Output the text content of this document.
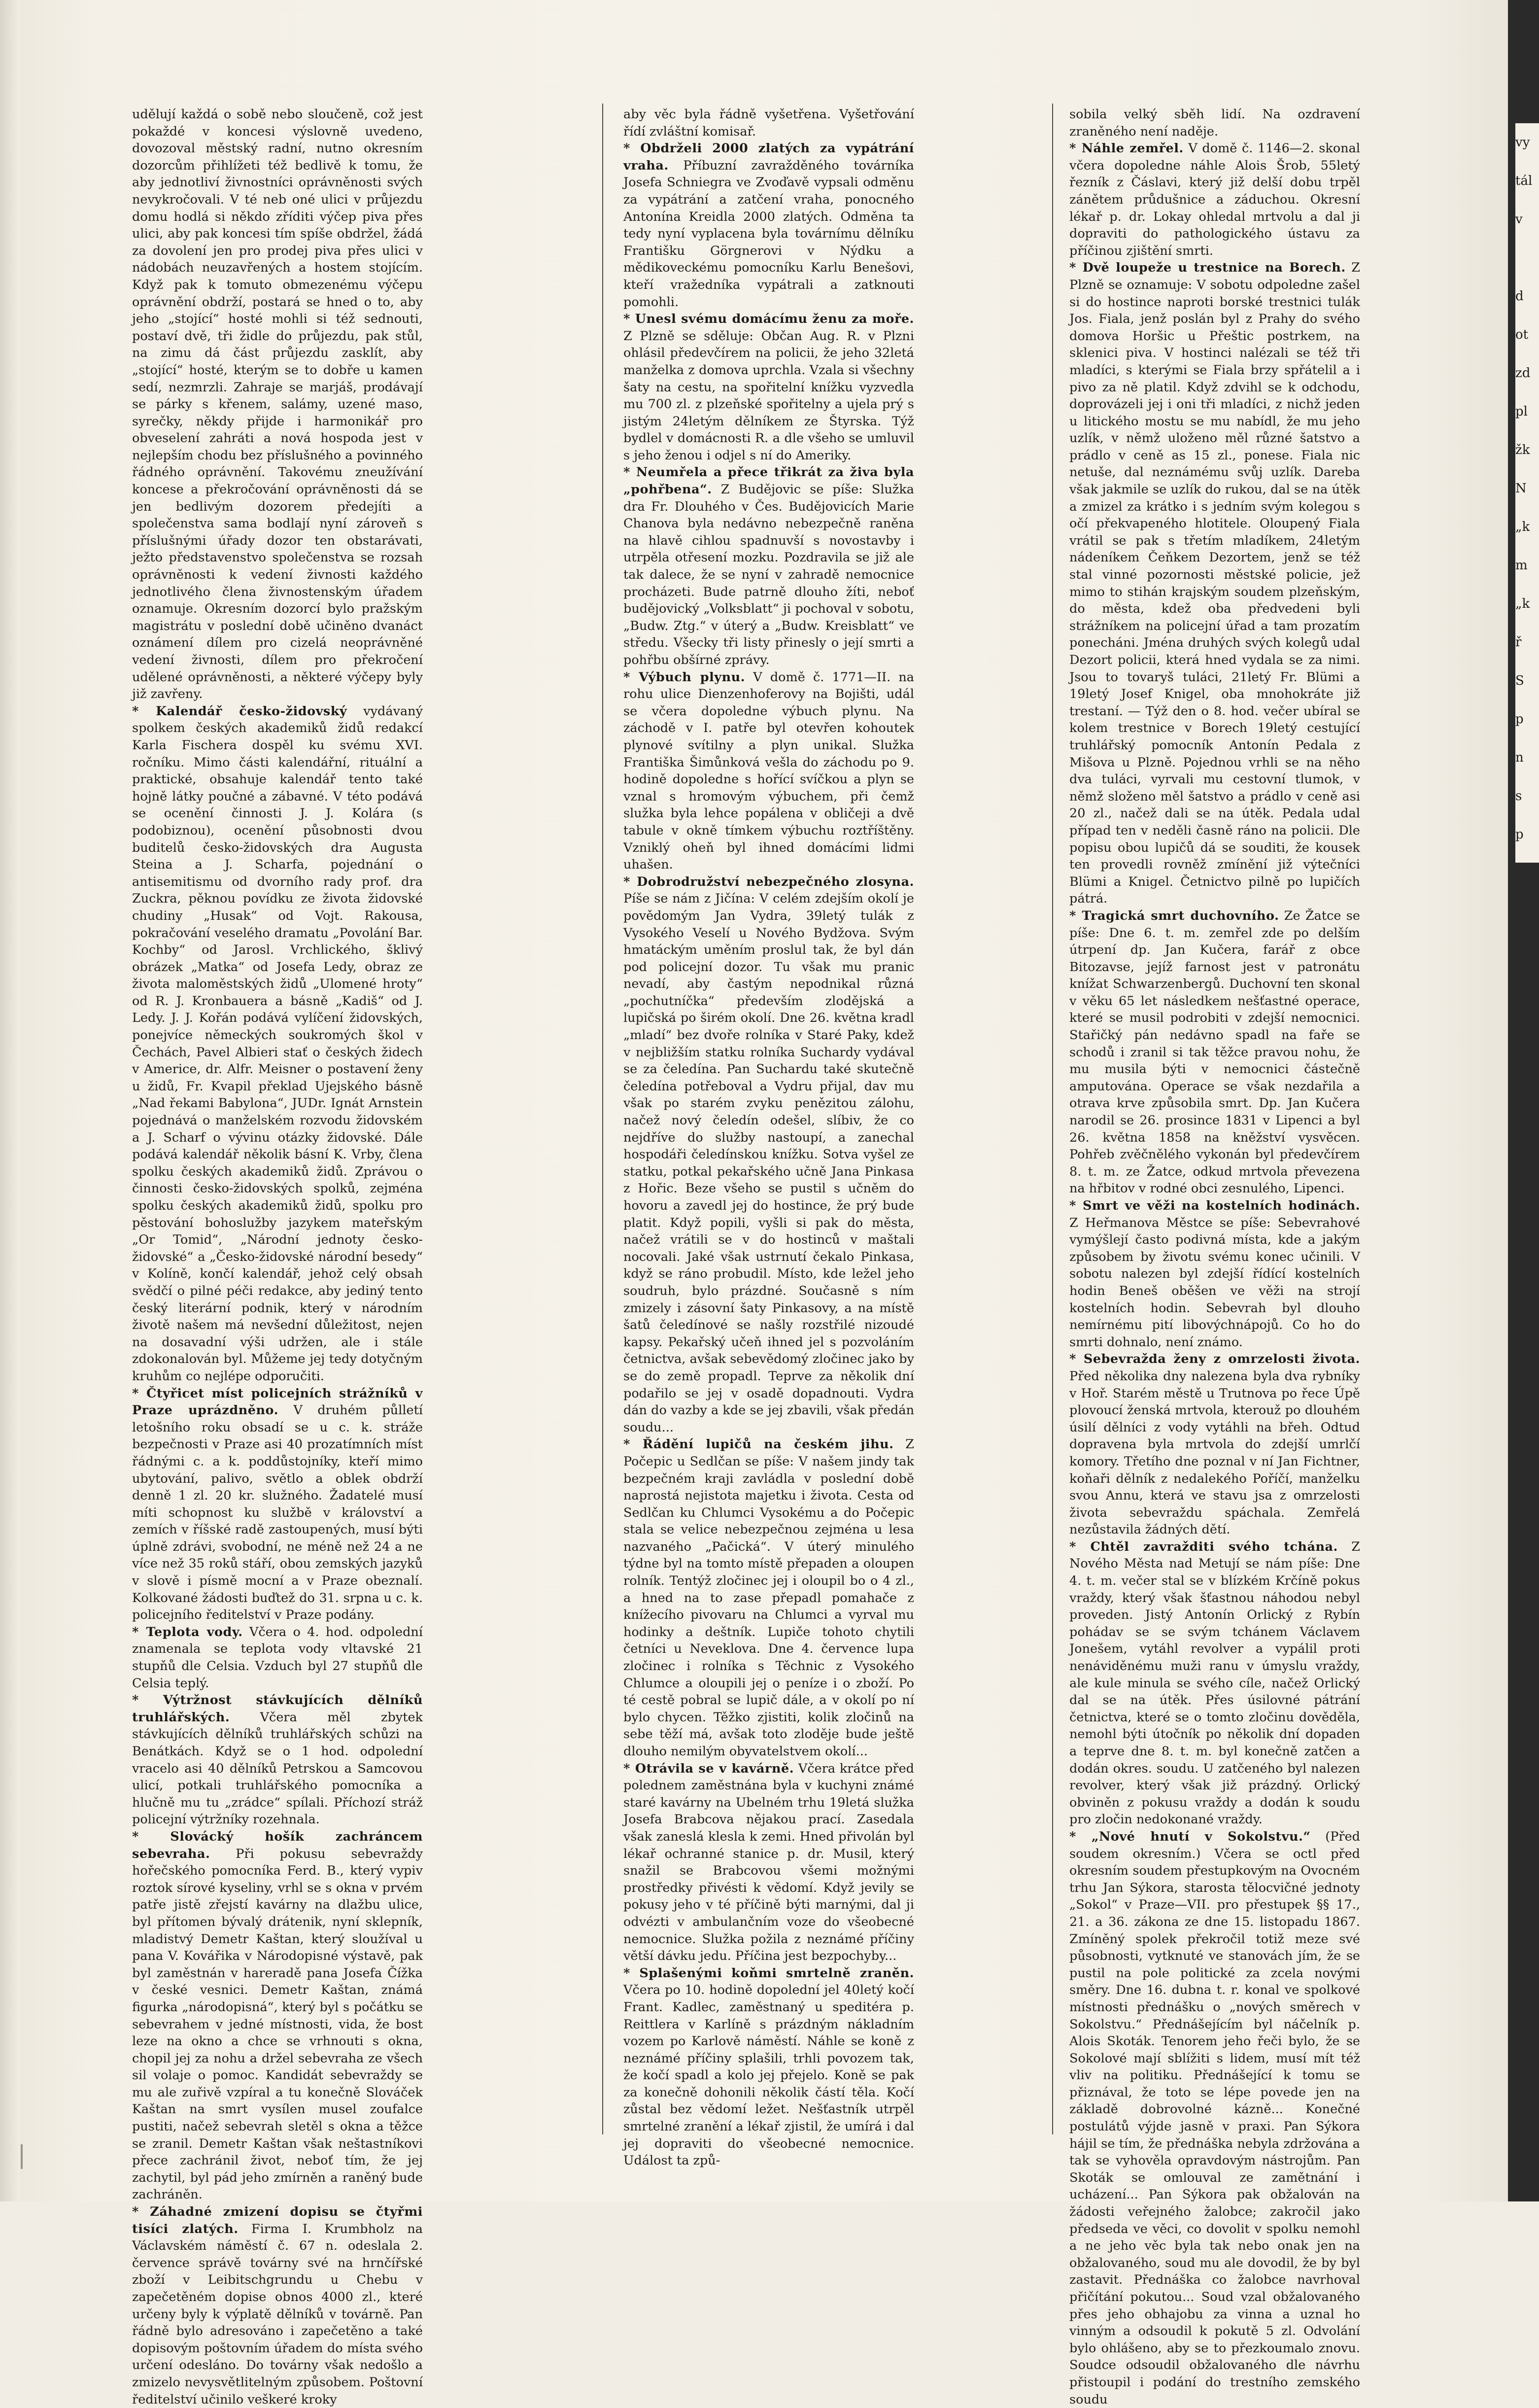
udělují každá o sobě nebo sloučeně, což jest pokaždé v koncesi výslovně uvedeno, dovozoval městský radní, nutno okresním dozorcům přihlížeti též bedlivě k tomu, že aby jednotliví živnostníci oprávněnosti svých nevykročovali. V té neb oné ulici v průjezdu domu hodlá si někdo zříditi výčep piva přes ulici, aby pak koncesi tím spíše obdržel, žádá za dovolení jen pro prodej piva přes ulici v nádobách neuzavřených a hostem stojícím. Když pak k tomuto obmezenému výčepu oprávnění obdrží, postará se hned o to, aby jeho „stojící“ hosté mohli si též sednouti, postaví dvě, tři židle do průjezdu, pak stůl, na zimu dá část průjezdu zasklít, aby „stojící“ hosté, kterým se to dobře u kamen sedí, nezmrzli. Zahraje se marjáš, prodávají se párky s křenem, salámy, uzené maso, syrečky, někdy přijde i harmonikář pro obveselení zahráti a nová hospoda jest v nejlepším chodu bez příslušného a povinného řádného oprávnění. Takovému zneužívání koncese a překročování oprávněnosti dá se jen bedlivým dozorem předejíti a společenstva sama bodlají nyní zároveň s příslušnými úřady dozor ten obstarávati, ježto představenstvo společenstva se rozsah oprávněnosti k vedení živnosti každého jednotlivého člena živnostenským úřadem oznamuje. Okresním dozorcí bylo pražským magistrátu v poslední době učiněno dvanáct oznámení dílem pro cizelá neoprávněné vedení živnosti, dílem pro překročení udělené oprávněnosti, a některé výčepy byly již zavřeny.

* Kalendář česko-židovský vydávaný spolkem českých akademiků židů redakcí Karla Fischera dospěl ku svému XVI. ročníku. Mimo části kalendářní, rituální a praktické, obsahuje kalendář tento také hojně látky poučné a zábavné. V této podává se ocenění činnosti J. J. Kolára (s podobiznou), ocenění působnosti dvou buditelů česko-židovských dra Augusta Steina a J. Scharfa, pojednání o antisemitismu od dvorního rady prof. dra Zuckra, pěknou povídku ze života židovské chudiny „Husak“ od Vojt. Rakousa, pokračování veselého dramatu „Povolání Bar. Kochby“ od Jarosl. Vrchlického, šklivý obrázek „Matka“ od Josefa Ledy, obraz ze života maloměstských židů „Ulomené hroty“ od R. J. Kronbauera a básně „Kadiš“ od J. Ledy. J. J. Kořán podává vylíčení židovských, ponejvíce německých soukromých škol v Čechách, Pavel Albieri stať o českých židech v Americe, dr. Alfr. Meisner o postavení ženy u židů, Fr. Kvapil překlad Ujejského básně „Nad řekami Babylona“, JUDr. Ignát Arnstein pojednává o manželském rozvodu židovském a J. Scharf o vývinu otázky židovské. Dále podává kalendář několik básní K. Vrby, člena spolku českých akademiků židů. Zprávou o činnosti česko-židovských spolků, zejména spolku českých akademiků židů, spolku pro pěstování bohoslužby jazykem mateřským „Or Tomid“, „Národní jednoty česko-židovské“ a „Česko-židovské národní besedy“ v Kolíně, končí kalendář, jehož celý obsah svědčí o pilné péči redakce, aby jediný tento český literární podnik, který v národním životě našem má nevšední důležitost, nejen na dosavadní výši udržen, ale i stále zdokonalován byl. Můžeme jej tedy dotyčným kruhům co nejlépe odporučiti.

* Čtyřicet míst policejních strážníků v Praze uprázdněno. V druhém půlletí letošního roku obsadí se u c. k. stráže bezpečnosti v Praze asi 40 prozatímních míst řádnými c. a k. poddůstojníky, kteří mimo ubytování, palivo, světlo a oblek obdrží denně 1 zl. 20 kr. služného. Žadatelé musí míti schopnost ku službě v království a zemích v říšské radě zastoupených, musí býti úplně zdrávi, svobodní, ne méně než 24 a ne více než 35 roků stáří, obou zemských jazyků v slově i písmě mocní a v Praze obeznalí. Kolkované žádosti buďtež do 31. srpna u c. k. policejního ředitelství v Praze podány.

* Teplota vody. Včera o 4. hod. odpolední znamenala se teplota vody vltavské 21 stupňů dle Celsia. Vzduch byl 27 stupňů dle Celsia teplý.

* Výtržnost stávkujících dělníků truhlářských. Včera měl zbytek stávkujících dělníků truhlářských schůzi na Benátkách. Když se o 1 hod. odpolední vracelo asi 40 dělníků Petrskou a Samcovou ulicí, potkali truhlářského pomocníka a hlučně mu tu „zrádce“ spílali. Příchozí stráž policejní výtržníky rozehnala.

* Slovácký hošík zachráncem sebevraha. Při pokusu sebevraždy hořečského pomocníka Ferd. B., který vypiv roztok sírové kyseliny, vrhl se s okna v prvém patře jistě zřejstí kavárny na dlažbu ulice, byl přítomen bývalý drátenik, nyní sklepník, mladistvý Demetr Kaštan, který sloužíval u pana V. Kovářika v Národopisné výstavě, pak byl zaměstnán v hareradě pana Josefa Čížka v české vesnici. Demetr Kaštan, známá figurka „národopisná“, který byl s počátku se sebevrahem v jedné místnosti, vida, že bost leze na okno a chce se vrhnouti s okna, chopil jej za nohu a držel sebevraha ze všech sil volaje o pomoc. Kandidát sebevraždy se mu ale zuřivě vzpíral a tu konečně Slováček Kaštan na smrt vysílen musel zoufalce pustiti, načež sebevrah sletěl s okna a těžce se zranil. Demetr Kaštan však neštastníkovi přece zachránil život, neboť tím, že jej zachytil, byl pád jeho zmírněn a raněný bude zachráněn.

* Záhadné zmizení dopisu se čtyřmi tisíci zlatých. Firma I. Krumbholz na Václavském náměstí č. 67 n. odeslala 2. července správě továrny své na hrnčířské zboží v Leibitschgrundu u Chebu v zapečetěném dopise obnos 4000 zl., které určeny byly k výplatě dělníků v továrně. Pan řádně bylo adresováno i zapečetěno a také dopisovým poštovním úřadem do místa svého určení odesláno. Do továrny však nedošlo a zmizelo nevysvětlitelným způsobem. Poštovní ředitelství učinilo veškeré kroky

aby věc byla řádně vyšetřena. Vyšetřování řídí zvláštní komisař.

* Obdrželi 2000 zlatých za vypátrání vraha. Příbuzní zavražděného továrníka Josefa Schniegra ve Zvoďavě vypsali odměnu za vypátrání a zatčení vraha, ponocného Antonína Kreidla 2000 zlatých. Odměna ta tedy nyní vyplacena byla továrnímu dělníku Františku Görgnerovi v Nýdku a mědikoveckému pomocníku Karlu Benešovi, kteří vražedníka vypátrali a zatknouti pomohli.

* Unesl svému domácímu ženu za moře. Z Plzně se sděluje: Občan Aug. R. v Plzni ohlásil předevčírem na policii, že jeho 32letá manželka z domova uprchla. Vzala si všechny šaty na cestu, na spořitelní knížku vyzvedla mu 700 zl. z plzeňské spořitelny a ujela prý s jistým 24letým dělníkem ze Štyrska. Týž bydlel v domácnosti R. a dle všeho se umluvil s jeho ženou i odjel s ní do Ameriky.

* Neumřela a přece třikrát za živa byla „pohřbena“. Z Budějovic se píše: Služka dra Fr. Dlouhého v Čes. Budějovicích Marie Chanova byla nedávno nebezpečně raněna na hlavě cihlou spadnuvší s novostavby i utrpěla otřesení mozku. Pozdravila se již ale tak dalece, že se nyní v zahradě nemocnice procházeti. Bude patrně dlouho žíti, neboť budějovický „Volksblatt“ ji pochoval v sobotu, „Budw. Ztg.“ v úterý a „Budw. Kreisblatt“ ve středu. Všecky tři listy přinesly o její smrti a pohřbu obšírné zprávy.

* Výbuch plynu. V domě č. 1771—II. na rohu ulice Dienzenhoferovy na Bojišti, udál se včera dopoledne výbuch plynu. Na záchodě v I. patře byl otevřen kohoutek plynové svítilny a plyn unikal. Služka Františka Šimůnková vešla do záchodu po 9. hodině dopoledne s hořící svíčkou a plyn se vznal s hromovým výbuchem, při čemž služka byla lehce popálena v obličeji a dvě tabule v okně tímkem výbuchu roztříštěny. Vzniklý oheň byl ihned domácími lidmi uhašen.

* Dobrodružství nebezpečného zlosyna. Píše se nám z Jičína: V celém zdejším okolí je povědomým Jan Vydra, 39letý tulák z Vysokého Veselí u Nového Bydžova. Svým hmatáckým uměním proslul tak, že byl dán pod policejní dozor. Tu však mu pranic nevadí, aby častým nepodnikal různá „pochutníčka“ především zlodějská a lupičská po širém okolí. Dne 26. května kradl „mladí“ bez dvoře rolníka v Staré Paky, kdež v nejbližším statku rolníka Suchardy vydával se za čeledína. Pan Suchardu také skutečně čeledína potřeboval a Vydru přijal, dav mu však po starém zvyku penězitou zálohu, načež nový čeledín odešel, slíbiv, že co nejdříve do služby nastoupí, a zanechal hospodáři čeledínskou knížku. Sotva vyšel ze statku, potkal pekařského učně Jana Pinkasa z Hořic. Beze všeho se pustil s učněm do hovoru a zavedl jej do hostince, že prý bude platit. Když popili, vyšli si pak do města, načež vrátili se v do hostinců v maštali nocovali. Jaké však ustrnutí čekalo Pinkasa, když se ráno probudil. Místo, kde ležel jeho soudruh, bylo prázdné. Současně s ním zmizely i zásovní šaty Pinkasovy, a na místě šatů čeledínové se našly rozstřilé nizoudé kapsy. Pekařský učeň ihned jel s pozvoláním četnictva, avšak sebevědomý zločinec jako by se do země propadl. Teprve za několik dní podařilo se jej v osadě dopadnouti. Vydra dán do vazby a kde se jej zbavili, však předán soudu...

* Řádění lupičů na českém jihu. Z Počepic u Sedlčan se píše: V našem jindy tak bezpečném kraji zavládla v poslední době naprostá nejistota majetku i života. Cesta od Sedlčan ku Chlumci Vysokému a do Počepic stala se velice nebezpečnou zejména u lesa nazvaného „Pačická“. V úterý minulého týdne byl na tomto místě přepaden a oloupen rolník. Tentýž zločinec jej i oloupil bo o 4 zl., a hned na to zase přepadl pomahače z knížecího pivovaru na Chlumci a vyrval mu hodinky a deštník. Lupiče tohoto chytili četníci u Neveklova. Dne 4. července lupa zločinec i rolníka s Těchnic z Vysokého Chlumce a oloupili jej o peníze i o zboží. Po té cestě pobral se lupič dále, a v okolí po ní bylo chycen. Těžko zjistiti, kolik zločinů na sebe těží má, avšak toto zloděje bude ještě dlouho nemilým obyvatelstvem okolí...

* Otrávila se v kavárně. Včera krátce před polednem zaměstnána byla v kuchyni známé staré kavárny na Ubelném trhu 19letá služka Josefa Brabcova nějakou prací. Zasedala však zaneslá klesla k zemi. Hned přivolán byl lékař ochranné stanice p. dr. Musil, který snažil se Brabcovou všemi možnými prostředky přivésti k vědomí. Když jevily se pokusy jeho v té příčině býti marnými, dal ji odvézti v ambulančním voze do všeobecné nemocnice. Služka požila z neznámé příčiny větší dávku jedu. Příčina jest bezpochyby...

* Splašenými koňmi smrtelně zraněn. Včera po 10. hodině dopolední jel 40letý kočí Frant. Kadlec, zaměstnaný u speditéra p. Reittlera v Karlíně s prázdným nákladním vozem po Karlově náměstí. Náhle se koně z neznámé příčiny splašili, trhli povozem tak, že kočí spadl a kolo jej přejelo. Koně se pak za konečně dohonili několik částí těla. Kočí zůstal bez vědomí ležet. Nešťastník utrpěl smrtelné zranění a lékař zjistil, že umírá i dal jej dopraviti do všeobecné nemocnice. Událost ta způ-

sobila velký sběh lidí. Na ozdravení zraněného není naděje.

* Náhle zemřel. V domě č. 1146—2. skonal včera dopoledne náhle Alois Šrob, 55letý řezník z Čáslavi, který již delší dobu trpěl zánětem průdušnice a záduchou. Okresní lékař p. dr. Lokay ohledal mrtvolu a dal ji dopraviti do pathologického ústavu za příčinou zjištění smrti.

* Dvě loupeže u trestnice na Borech. Z Plzně se oznamuje: V sobotu odpoledne zašel si do hostince naproti borské trestnici tulák Jos. Fiala, jenž poslán byl z Prahy do svého domova Horšic u Přeštic postrkem, na sklenici piva. V hostinci nalézali se též tři mladíci, s kterými se Fiala brzy spřátelil a i pivo za ně platil. Když zdvihl se k odchodu, doprovázeli jej i oni tři mladíci, z nichž jeden u litického mostu se mu nabídl, že mu jeho uzlík, v němž uloženo měl různé šatstvo a prádlo v ceně as 15 zl., ponese. Fiala nic netuše, dal neznámému svůj uzlík. Dareba však jakmile se uzlík do rukou, dal se na útěk a zmizel za krátko i s jedním svým kolegou s očí překvapeného hlotitele. Oloupený Fiala vrátil se pak s třetím mladíkem, 24letým nádeníkem Čeňkem Dezortem, jenž se též stal vinné pozornosti městské policie, jež mimo to stihán krajským soudem plzeňským, do města, kdež oba předvedeni byli strážníkem na policejní úřad a tam prozatím ponecháni. Jména druhých svých kolegů udal Dezort policii, která hned vydala se za nimi. Jsou to tovaryš tuláci, 21letý Fr. Blümi a 19letý Josef Knigel, oba mnohokráte již trestaní. — Týž den o 8. hod. večer ubíral se kolem trestnice v Borech 19letý cestující truhlářský pomocník Antonín Pedala z Mišova u Plzně. Pojednou vrhli se na něho dva tuláci, vyrvali mu cestovní tlumok, v němž složeno měl šatstvo a prádlo v ceně asi 20 zl., načež dali se na útěk. Pedala udal případ ten v neděli časně ráno na policii. Dle popisu obou lupičů dá se souditi, že kousek ten provedli rovněž zmínění již výtečníci Blümi a Knigel. Četnictvo pilně po lupičích pátrá.

* Tragická smrt duchovního. Ze Žatce se píše: Dne 6. t. m. zemřel zde po delším útrpení dp. Jan Kučera, farář z obce Bitozavse, jejíž farnost jest v patronátu knížat Schwarzenbergů. Duchovní ten skonal v věku 65 let následkem nešťastné operace, které se musil podrobiti v zdejší nemocnici. Stařičký pán nedávno spadl na faře se schodů i zranil si tak těžce pravou nohu, že mu musila býti v nemocnici částečně amputována. Operace se však nezdařila a otrava krve způsobila smrt. Dp. Jan Kučera narodil se 26. prosince 1831 v Lipenci a byl 26. května 1858 na kněžství vysvěcen. Pohřeb zvěčnělého vykonán byl předevčírem 8. t. m. ze Žatce, odkud mrtvola převezena na hřbitov v rodné obci zesnulého, Lipenci.

* Smrt ve věži na kostelních hodinách. Z Heřmanova Městce se píše: Sebevrahové vymýšlejí často podivná místa, kde a jakým způsobem by životu svému konec učinili. V sobotu nalezen byl zdejší řídící kostelních hodin Beneš oběšen ve věži na strojí kostelních hodin. Sebevrah byl dlouho nemírnému pití libovýchnápojů. Co ho do smrti dohnalo, není známo.

* Sebevražda ženy z omrzelosti života. Před několika dny nalezena byla dva rybníky v Hoř. Starém městě u Trutnova po řece Úpě plovoucí ženská mrtvola, kterouž po dlouhém úsilí dělníci z vody vytáhli na břeh. Odtud dopravena byla mrtvola do zdejší umrlčí komory. Třetího dne poznal v ní Jan Fichtner, koňaři dělník z nedalekého Poříčí, manželku svou Annu, která ve stavu jsa z omrzelosti života sebevraždu spáchala. Zemřelá nezůstavila žádných dětí.

* Chtěl zavražditi svého tchána. Z Nového Města nad Metují se nám píše: Dne 4. t. m. večer stal se v blízkém Krčíně pokus vraždy, který však šťastnou náhodou nebyl proveden. Jistý Antonín Orlický z Rybín pohádav se se svým tchánem Václavem Jonešem, vytáhl revolver a vypálil proti nenáviděnému muži ranu v úmyslu vraždy, ale kule minula se svého cíle, načež Orlický dal se na útěk. Přes úsilovné pátrání četnictva, které se o tomto zločinu dověděla, nemohl býti útočník po několik dní dopaden a teprve dne 8. t. m. byl konečně zatčen a dodán okres. soudu. U zatčeného byl nalezen revolver, který však již prázdný. Orlický obviněn z pokusu vraždy a dodán k soudu pro zločin nedokonané vraždy.

* „Nové hnutí v Sokolstvu.“ (Před soudem okresním.) Včera se octl před okresním soudem přestupkovým na Ovocném trhu Jan Sýkora, starosta tělocvičné jednoty „Sokol“ v Praze—VII. pro přestupek §§ 17., 21. a 36. zákona ze dne 15. listopadu 1867. Zmíněný spolek překročil totiž meze své působnosti, vytknuté ve stanovách jím, že se pustil na pole politické za zcela novými směry. Dne 16. dubna t. r. konal ve spolkové místnosti přednášku o „nových směrech v Sokolstvu.“ Přednášejícím byl náčelník p. Alois Skoták. Tenorem jeho řeči bylo, že se Sokolové mají sblížiti s lidem, musí mít též vliv na politiku. Přednášející k tomu se přiznával, že toto se lépe povede jen na základě dobrovolné kázně... Konečné postulátů výjde jasně v praxi. Pan Sýkora hájil se tím, že přednáška nebyla zdržována a tak se vyhověla opravdovým nástrojům. Pan Skoták se omlouval ze zamětnání i ucházení... Pan Sýkora pak obžalován na žádosti veřejného žalobce; zakročil jako předseda ve věci, co dovolit v spolku nemohl a ne jeho věc byla tak nebo onak jen na obžalovaného, soud mu ale dovodil, že by byl zastavit. Přednáška co žalobce navrhoval přičítání pokutou... Soud vzal obžalovaného přes jeho obhajobu za vinna a uznal ho vinným a odsoudil k pokutě 5 zl. Odvolání bylo ohlášeno, aby se to přezkoumalo znovu. Soudce odsoudil obžalovaného dle návrhu přistoupil i podání do trestního zemského soudu

vy
tál
v
d
ot
zd
pl
žk
N
„k
m
„k
ř
S
p
n
s
p
